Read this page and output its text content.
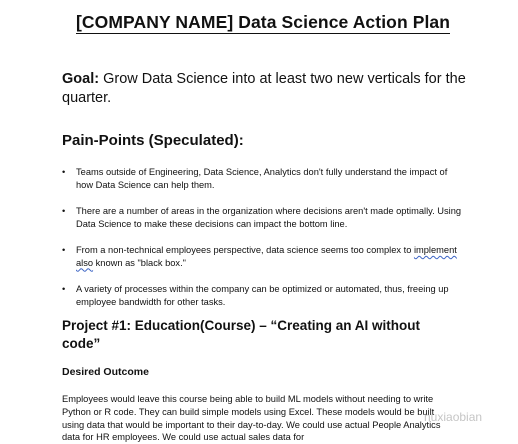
[COMPANY NAME] Data Science Action Plan

Goal: Grow Data Science into at least two new verticals for the quarter.

Pain-Points (Speculated):
• Teams outside of Engineering, Data Science, Analytics don't fully understand the impact of how Data Science can help them.
• There are a number of areas in the organization where decisions aren't made optimally. Using Data Science to make these decisions can impact the bottom line.
• From a non-technical employees perspective, data science seems too complex to implement also known as "black box."
• A variety of processes within the company can be optimized or automated, thus, freeing up employee bandwidth for other tasks.
Project #1: Education(Course) – “Creating an AI without code”
Desired Outcome

Employees would leave this course being able to build ML models without needing to write Python or R code. They can build simple models using Excel. These models would be built using data that would be important to their day-to-day. We could use actual People Analytics data for HR employees. We could use actual sales data for

nuxiaobian
